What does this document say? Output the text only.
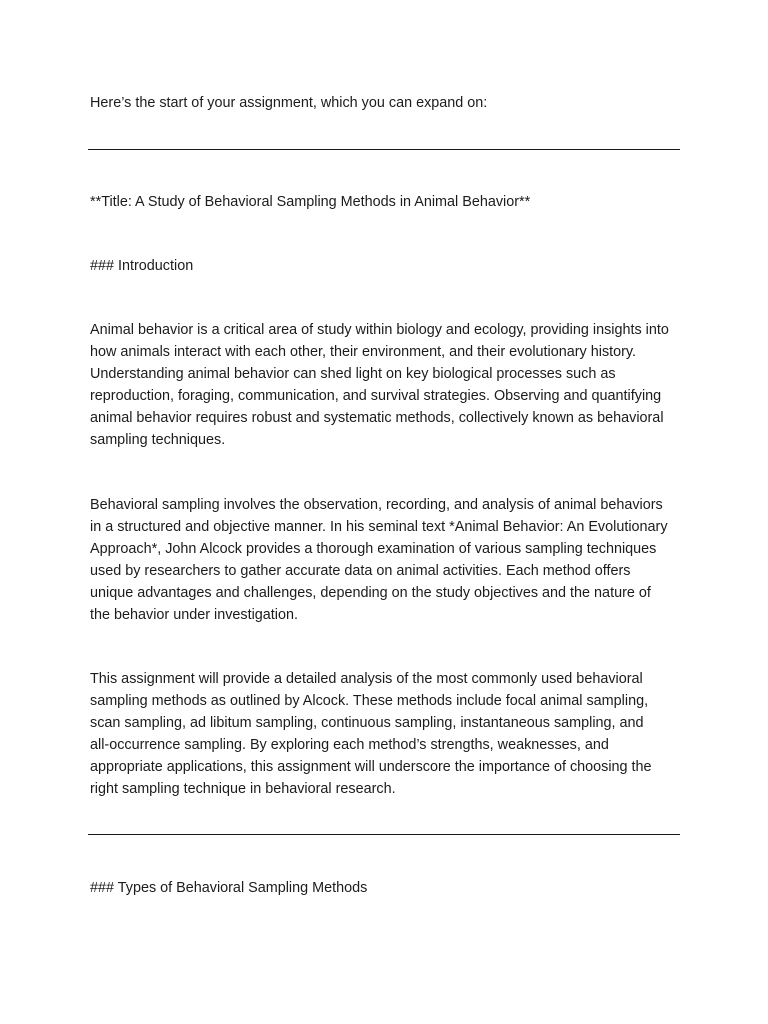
Here’s the start of your assignment, which you can expand on:

**Title: A Study of Behavioral Sampling Methods in Animal Behavior**

### Introduction

Animal behavior is a critical area of study within biology and ecology, providing insights into
how animals interact with each other, their environment, and their evolutionary history.
Understanding animal behavior can shed light on key biological processes such as
reproduction, foraging, communication, and survival strategies. Observing and quantifying
animal behavior requires robust and systematic methods, collectively known as behavioral
sampling techniques.
Behavioral sampling involves the observation, recording, and analysis of animal behaviors
in a structured and objective manner. In his seminal text *Animal Behavior: An Evolutionary
Approach*, John Alcock provides a thorough examination of various sampling techniques
used by researchers to gather accurate data on animal activities. Each method offers
unique advantages and challenges, depending on the study objectives and the nature of
the behavior under investigation.
This assignment will provide a detailed analysis of the most commonly used behavioral
sampling methods as outlined by Alcock. These methods include focal animal sampling,
scan sampling, ad libitum sampling, continuous sampling, instantaneous sampling, and
all-occurrence sampling. By exploring each method’s strengths, weaknesses, and
appropriate applications, this assignment will underscore the importance of choosing the
right sampling technique in behavioral research.

### Types of Behavioral Sampling Methods
